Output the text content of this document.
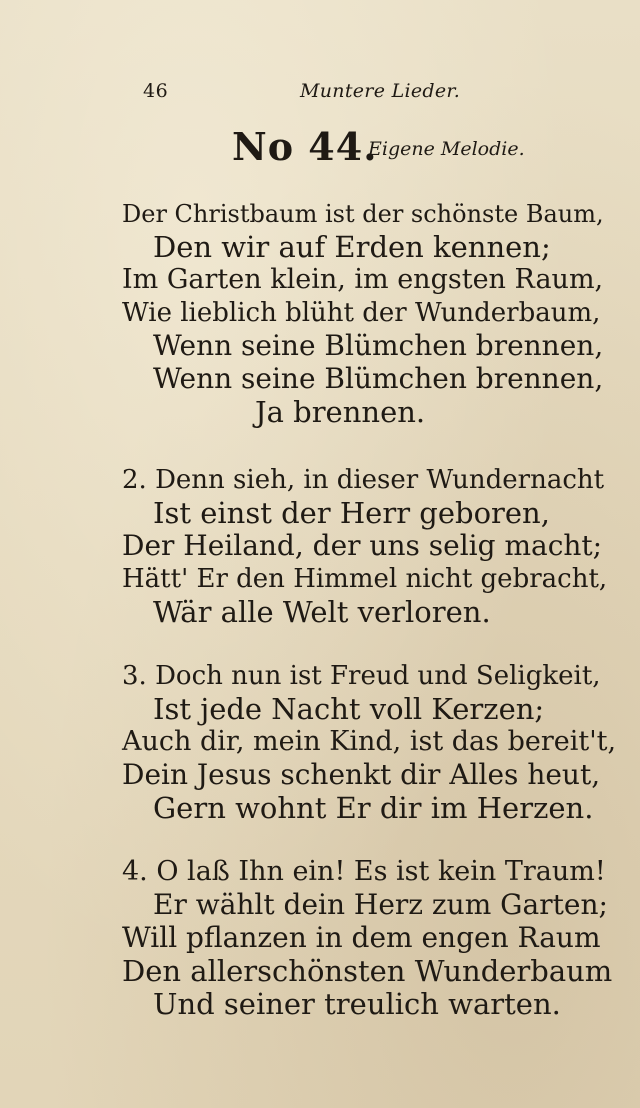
46	Muntere Lieder.
No 44.
Eigene Melodie.
Der Christbaum ist der schönste Baum,
Den wir auf Erden kennen;
Im Garten klein, im engsten Raum,
Wie lieblich blüht der Wunderbaum,
Wenn seine Blümchen brennen,
Wenn seine Blümchen brennen,
Ja brennen.
2. Denn sieh, in dieser Wundernacht
Ist einst der Herr geboren,
Der Heiland, der uns selig macht;
Hätt' Er den Himmel nicht gebracht,
Wär alle Welt verloren.
3. Doch nun ist Freud und Seligkeit,
Ist jede Nacht voll Kerzen;
Auch dir, mein Kind, ist das bereit't,
Dein Jesus schenkt dir Alles heut,
Gern wohnt Er dir im Herzen.
4. O laß Ihn ein! Es ist kein Traum!
Er wählt dein Herz zum Garten;
Will pflanzen in dem engen Raum
Den allerschönsten Wunderbaum
Und seiner treulich warten.
